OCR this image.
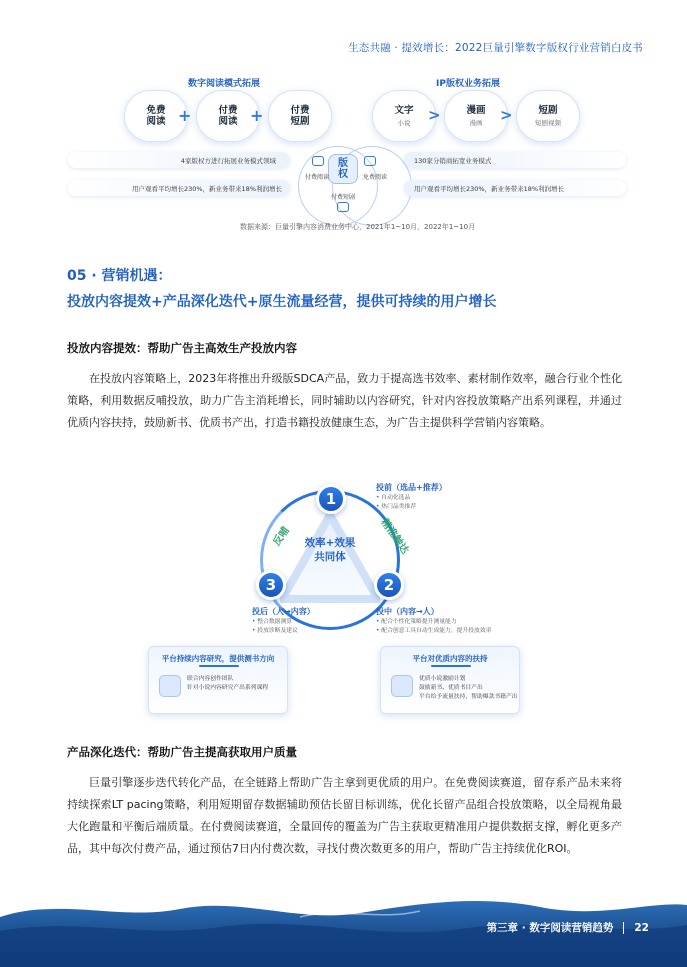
生态共融 · 提效增长：2022巨量引擎数字版权行业营销白皮书
数字阅读模式拓展	IP版权业务拓展
免费
阅读 +	付费
阅读 +	付费
短剧
文字
小说 >	漫画
漫画 >	短剧
短剧视频
版
权
付费阅读	免费阅读
付费短剧
4家版权方进行拓展业务模式领域
用户观看平均增长230%，新业务带来18%利润增长
130家分销商拓宽业务模式
用户观看平均增长230%，新业务带来18%利润增长
数据来源：巨量引擎内容消费业务中心，2021年1~10月，2022年1~10月
05 · 营销机遇：
投放内容提效+产品深化迭代+原生流量经营，提供可持续的用户增长
投放内容提效：帮助广告主高效生产投放内容
在投放内容策略上，2023年将推出升级版SDCA产品，致力于提高选书效率、素材制作效率，融合行业个性化策略，利用数据反哺投放，助力广告主消耗增长，同时辅助以内容研究，针对内容投放策略产出系列课程，并通过优质内容扶持，鼓励新书、优质书产出，打造书籍投放健康生态，为广告主提供科学营销内容策略。
效率+效果
共同体
1
2
3
反哺	精准触达
投前（选品+推荐）
• 自动化选品
• 热门品类推荐
投中（内容→人）
• 配合个性化策略提升测量能力
• 配合创意工具自动生成能力，提升投放效率
投后（人→内容）
• 整合数据测算
• 投放诊断及建议
平台持续内容研究，提供测书方向
联合内容创作团队
针对小说内容研究产出系列课程
平台对优质内容的扶持
优质小说激励计划
鼓励新书、优质书目产出
平台给予流量扶持，帮助爆款书籍产出
产品深化迭代：帮助广告主提高获取用户质量
巨量引擎逐步迭代转化产品，在全链路上帮助广告主拿到更优质的用户。在免费阅读赛道，留存系产品未来将持续探索LT pacing策略，利用短期留存数据辅助预估长留目标训练，优化长留产品组合投放策略，以全局视角最大化跑量和平衡后端质量。在付费阅读赛道，全量回传的覆盖为广告主获取更精准用户提供数据支撑，孵化更多产品，其中每次付费产品，通过预估7日内付费次数，寻找付费次数更多的用户，帮助广告主持续优化ROI。
第三章 · 数字阅读营销趋势 22
